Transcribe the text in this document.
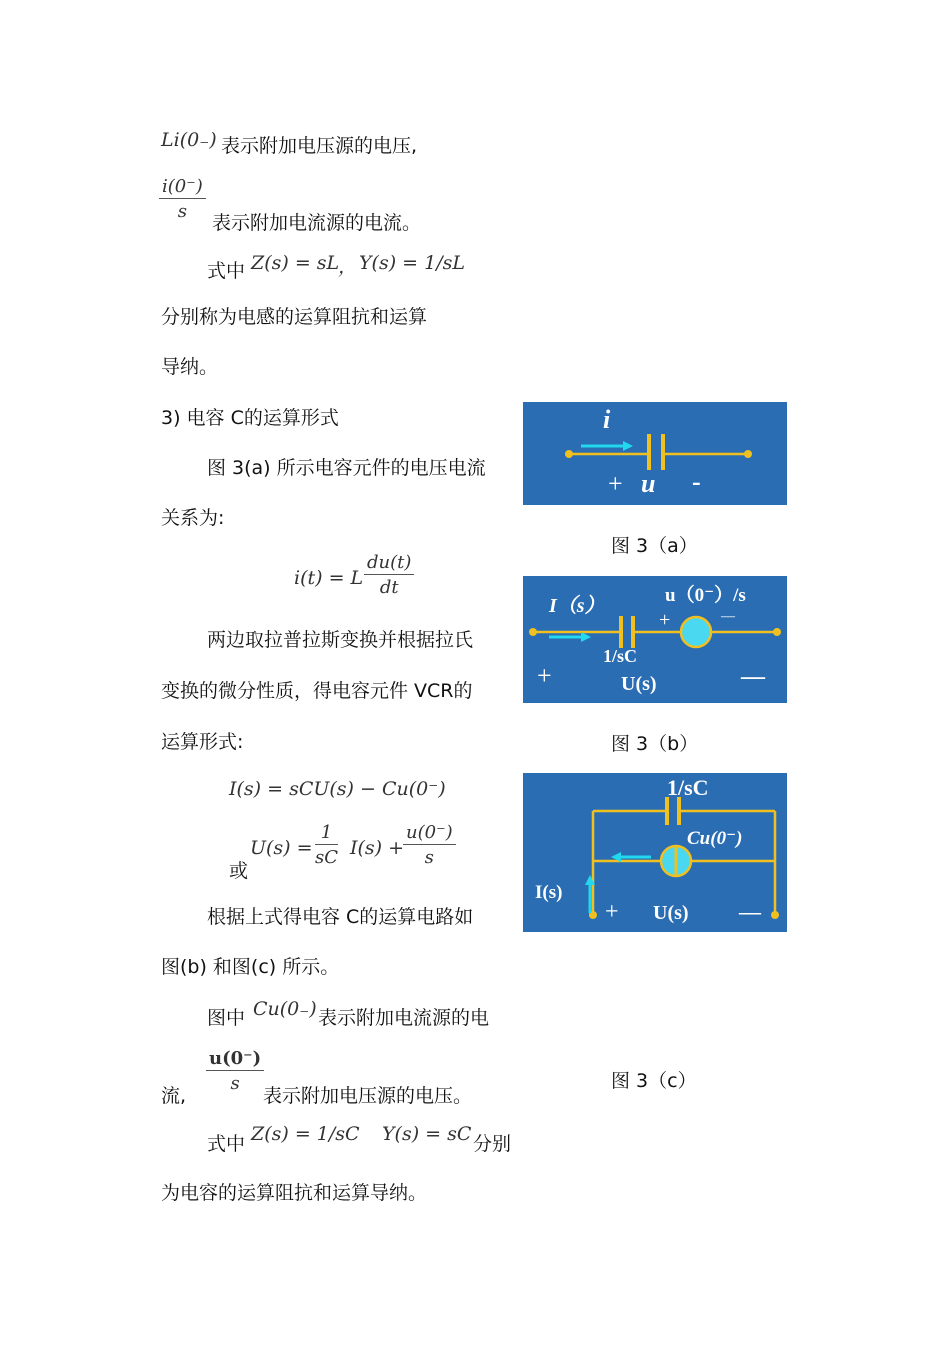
Li(0₋) 表示附加电压源的电压,
$\frac{i(0^-)}{s}$
表示附加电流源的电流。
式中 Z(s) = sL
， Y(s) = 1/sL
分别称为电感的运算阻抗和运算
导纳。
3) 电容 C的运算形式
图 3(a) 所示电容元件的电压电流
关系为:
i(t) = L $\frac{du(t)}{dt}$
两边取拉普拉斯变换并根据拉氏
变换的微分性质，得电容元件 VCR的
运算形式:
I(s) = sCU(s) − Cu(0⁻)
$U(s) = \frac{1}{sC} I(s)$ +
$\frac{u(0^-)}{s}$
或
根据上式得电容 C的运算电路如
图(b) 和图(c) 所示。
图中 Cu(0₋) 表示附加电流源的电
流,
$\frac{u(0^-)}{s}$
表示附加电压源的电压。
式中 Z(s) = 1/sC Y(s) = sC 分别
为电容的运算阻抗和运算导纳。
i
+ u -
图 3（a）
I（s）	u（0⁻）/s
+	—
1/sC
+	U(s)	—
图 3（b）
1/sC
Cu(0⁻)
I(s)
+ U(s) —
图 3（c）
